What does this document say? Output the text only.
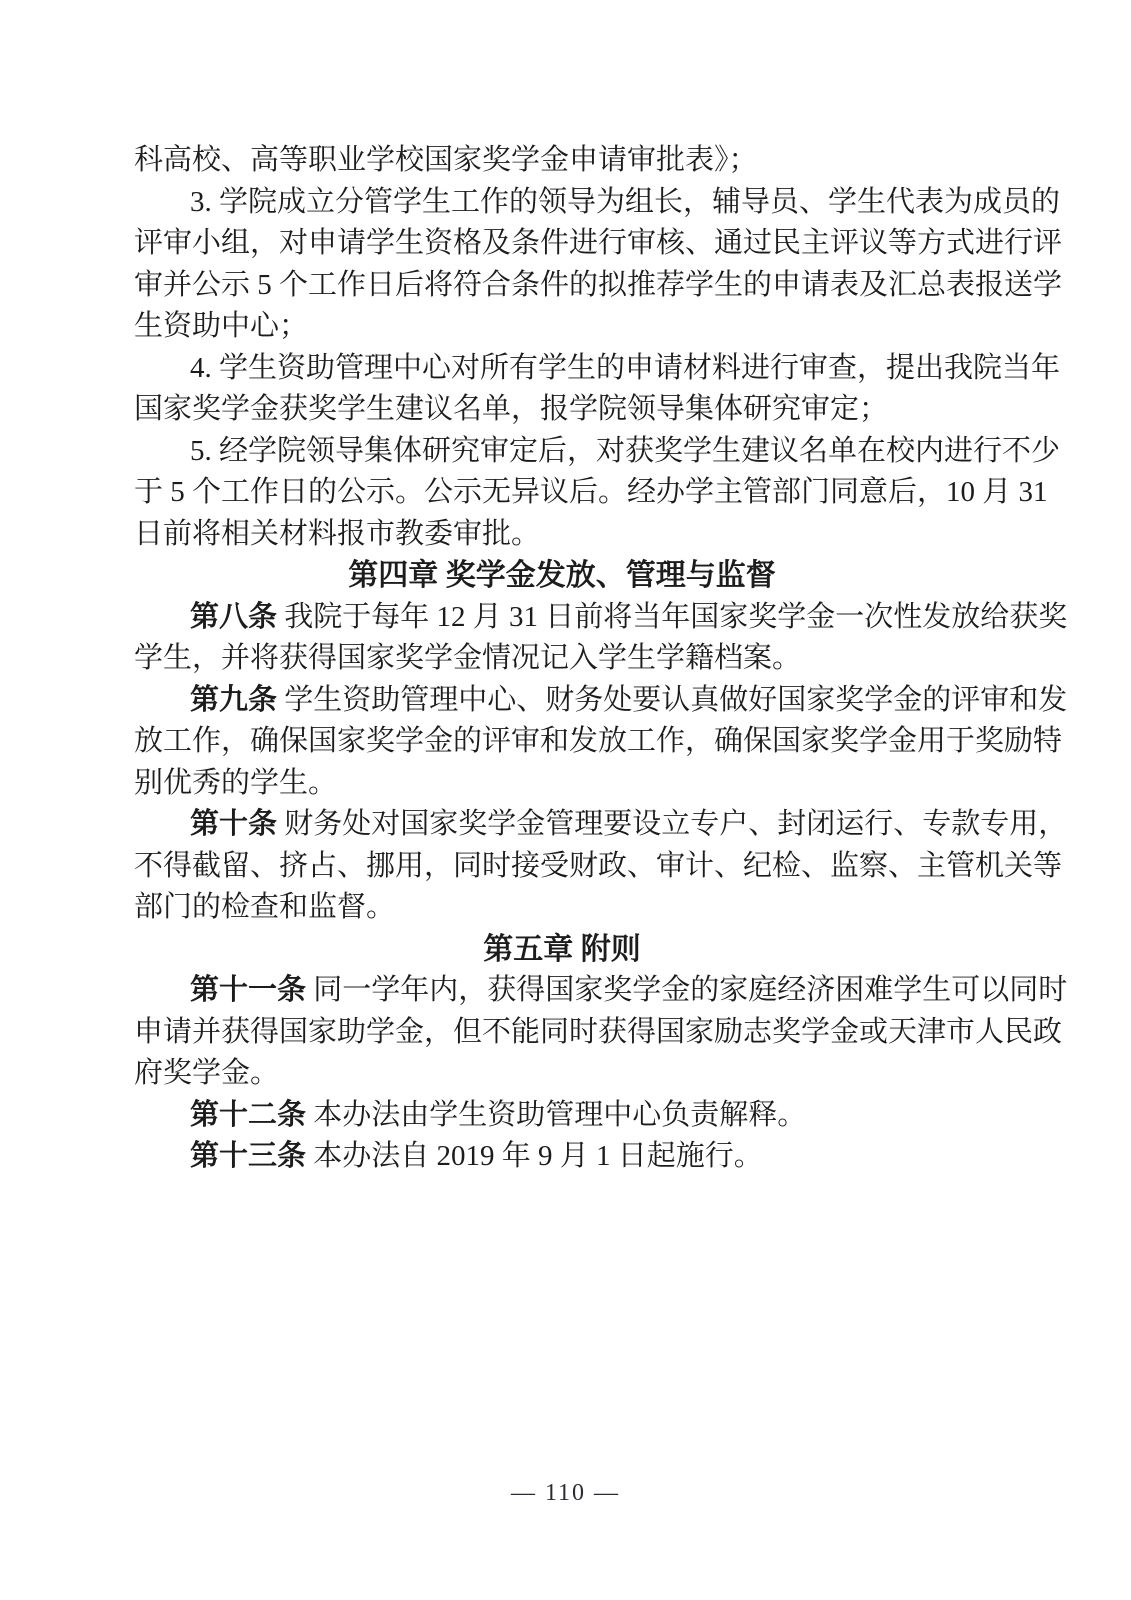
科高校、高等职业学校国家奖学金申请审批表》；
3. 学院成立分管学生工作的领导为组长，辅导员、学生代表为成员的
评审小组，对申请学生资格及条件进行审核、通过民主评议等方式进行评
审并公示 5 个工作日后将符合条件的拟推荐学生的申请表及汇总表报送学
生资助中心；
4. 学生资助管理中心对所有学生的申请材料进行审查，提出我院当年
国家奖学金获奖学生建议名单，报学院领导集体研究审定；
5. 经学院领导集体研究审定后，对获奖学生建议名单在校内进行不少
于 5 个工作日的公示。公示无异议后。经办学主管部门同意后，10 月 31
日前将相关材料报市教委审批。
第四章 奖学金发放、管理与监督
第八条 我院于每年 12 月 31 日前将当年国家奖学金一次性发放给获奖
学生，并将获得国家奖学金情况记入学生学籍档案。
第九条 学生资助管理中心、财务处要认真做好国家奖学金的评审和发
放工作，确保国家奖学金的评审和发放工作，确保国家奖学金用于奖励特
别优秀的学生。
第十条 财务处对国家奖学金管理要设立专户、封闭运行、专款专用，
不得截留、挤占、挪用，同时接受财政、审计、纪检、监察、主管机关等
部门的检查和监督。
第五章 附则
第十一条 同一学年内，获得国家奖学金的家庭经济困难学生可以同时
申请并获得国家助学金，但不能同时获得国家励志奖学金或天津市人民政
府奖学金。
第十二条 本办法由学生资助管理中心负责解释。
第十三条 本办法自 2019 年 9 月 1 日起施行。
— 110 —
